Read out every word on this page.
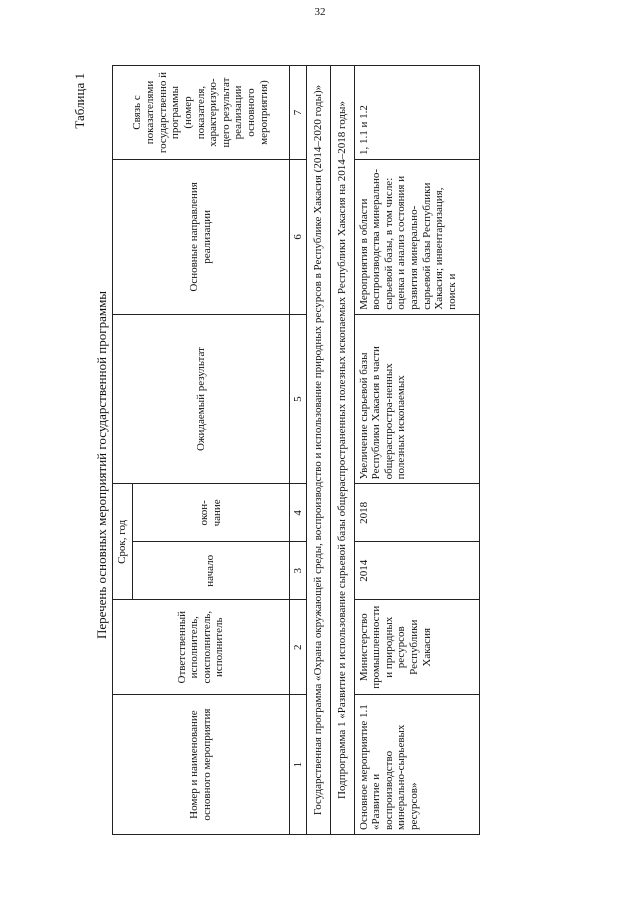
32
Таблица 1
Перечень основных мероприятий государственной программы
Номер и наименование основного мероприятия	Ответственный исполнитель, соисполнитель, исполнитель	Срок, год		Ожидаемый результат	Основные направления реализации	Связь с показателями государственно й программы (номер показателя, характеризую-щего результат реализации основного мероприятия)
		начало	окон-
чание			
1	2	3	4	5	6	7
Государственная программа «Охрана окружающей среды, воспроизводство и использование природных ресурсов в Республике Хакасия (2014–2020 годы)»						
Подпрограмма 1 «Развитие и использование сырьевой базы общераспространенных полезных ископаемых Республики Хакасия на 2014–2018 годы»						
Основное мероприятие 1.1 «Развитие и воспроизводство минерально-сырьевых ресурсов»	Министерство промышленности и природных ресурсов Республики Хакасия	2014	2018	Увеличение сырьевой базы Республики Хакасия в части общераспростра-ненных полезных ископаемых	Мероприятия в области воспроизводства минерально-сырьевой базы, в том числе: оценка и анализ состояния и развития минерально-сырьевой базы Республики Хакасия; инвентаризация, поиск и	1, 1.1 и 1.2
